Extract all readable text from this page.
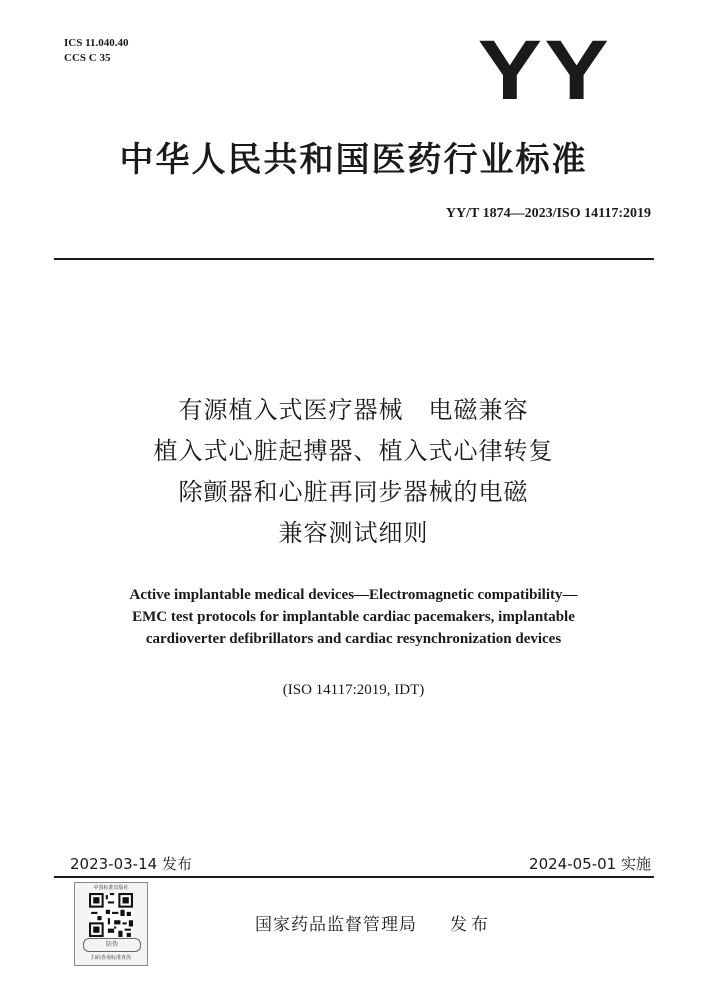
ICS 11.040.40
CCS C 35	YY
中华人民共和国医药行业标准
YY/T 1874—2023/ISO 14117:2019
有源植入式医疗器械　电磁兼容
植入式心脏起搏器、植入式心律转复
除颤器和心脏再同步器械的电磁
兼容测试细则
Active implantable medical devices—Electromagnetic compatibility—
EMC test protocols for implantable cardiac pacemakers, implantable
cardioverter defibrillators and cardiac resynchronization devices
(ISO 14117:2019, IDT)
2023-03-14 发布	2024-05-01 实施
中国标准出版社
防伪
扫码查询标准真伪
国家药品监督管理局 发布
